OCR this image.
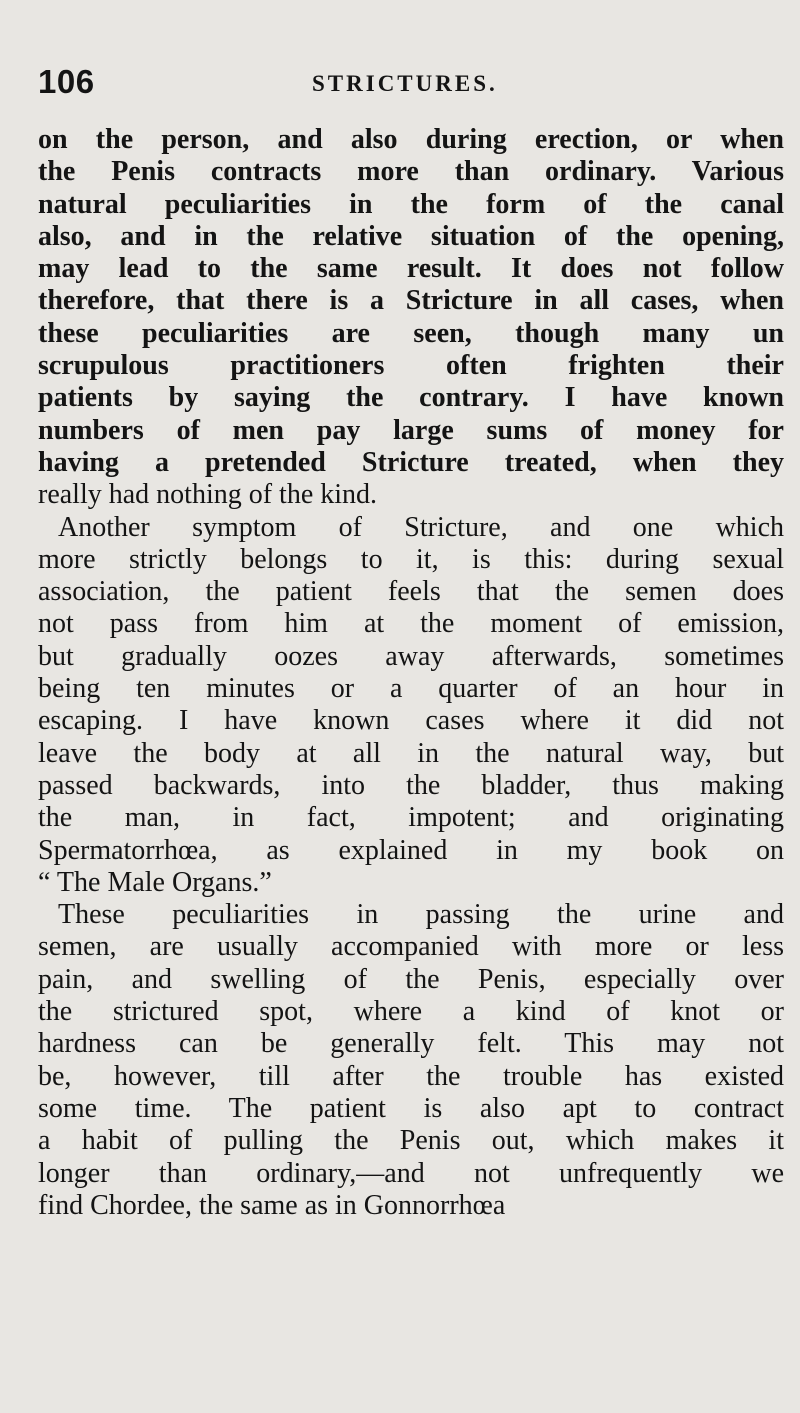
106	STRICTURES.
on the person, and also during erection, or when
the Penis contracts more than ordinary. Various
natural peculiarities in the form of the canal
also, and in the relative situation of the opening,
may lead to the same result. It does not follow
therefore, that there is a Stricture in all cases, when
these peculiarities are seen, though many un
scrupulous practitioners often frighten their
patients by saying the contrary. I have known
numbers of men pay large sums of money for
having a pretended Stricture treated, when they
really had nothing of the kind.
Another symptom of Stricture, and one which
more strictly belongs to it, is this: during sexual
association, the patient feels that the semen does
not pass from him at the moment of emission,
but gradually oozes away afterwards, sometimes
being ten minutes or a quarter of an hour in
escaping. I have known cases where it did not
leave the body at all in the natural way, but
passed backwards, into the bladder, thus making
the man, in fact, impotent; and originating
Spermatorrhœa, as explained in my book on
“ The Male Organs.”
These peculiarities in passing the urine and
semen, are usually accompanied with more or less
pain, and swelling of the Penis, especially over
the strictured spot, where a kind of knot or
hardness can be generally felt. This may not
be, however, till after the trouble has existed
some time. The patient is also apt to contract
a habit of pulling the Penis out, which makes it
longer than ordinary,—and not unfrequently we
find Chordee, the same as in Gonnorrhœa
